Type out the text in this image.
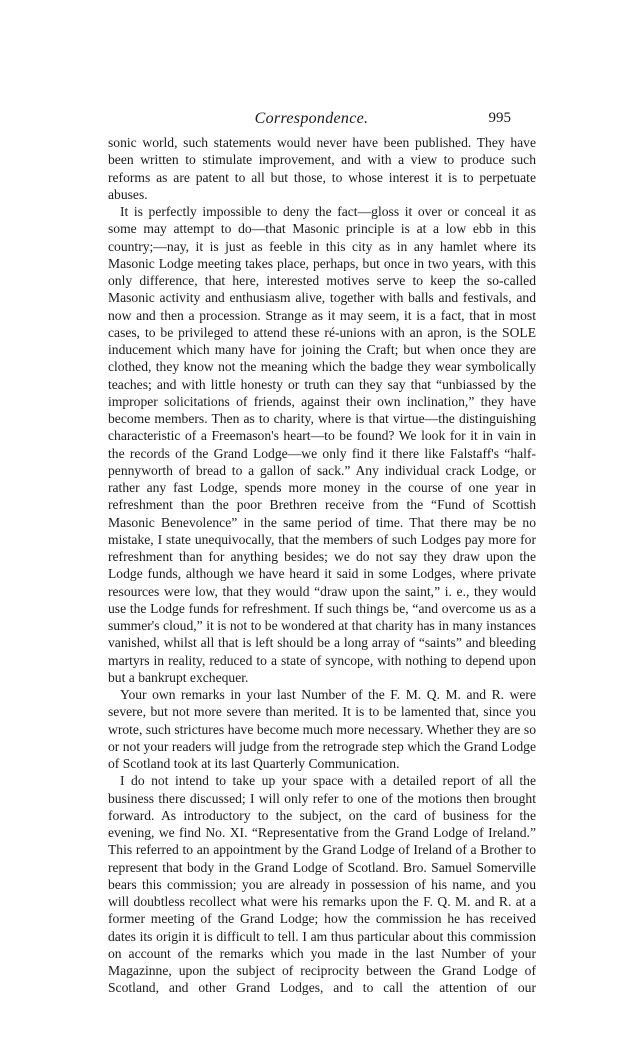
Correspondence.	995

sonic world, such statements would never have been published. They have been written to stimulate improvement, and with a view to produce such reforms as are patent to all but those, to whose interest it is to perpetuate abuses.

It is perfectly impossible to deny the fact—gloss it over or conceal it as some may attempt to do—that Masonic principle is at a low ebb in this country;—nay, it is just as feeble in this city as in any hamlet where its Masonic Lodge meeting takes place, perhaps, but once in two years, with this only difference, that here, interested motives serve to keep the so-called Masonic activity and enthusiasm alive, together with balls and festivals, and now and then a procession. Strange as it may seem, it is a fact, that in most cases, to be privileged to attend these ré-unions with an apron, is the SOLE inducement which many have for joining the Craft; but when once they are clothed, they know not the meaning which the badge they wear symbolically teaches; and with little honesty or truth can they say that “unbiassed by the improper solicitations of friends, against their own inclination,” they have become members. Then as to charity, where is that virtue—the distinguishing characteristic of a Freemason's heart—to be found? We look for it in vain in the records of the Grand Lodge—we only find it there like Falstaff's “half-pennyworth of bread to a gallon of sack.” Any individual crack Lodge, or rather any fast Lodge, spends more money in the course of one year in refreshment than the poor Brethren receive from the “Fund of Scottish Masonic Benevolence” in the same period of time. That there may be no mistake, I state unequivocally, that the members of such Lodges pay more for refreshment than for anything besides; we do not say they draw upon the Lodge funds, although we have heard it said in some Lodges, where private resources were low, that they would “draw upon the saint,” i. e., they would use the Lodge funds for refreshment. If such things be, “and overcome us as a summer's cloud,” it is not to be wondered at that charity has in many instances vanished, whilst all that is left should be a long array of “saints” and bleeding martyrs in reality, reduced to a state of syncope, with nothing to depend upon but a bankrupt exchequer.

Your own remarks in your last Number of the F. M. Q. M. and R. were severe, but not more severe than merited. It is to be lamented that, since you wrote, such strictures have become much more necessary. Whether they are so or not your readers will judge from the retrograde step which the Grand Lodge of Scotland took at its last Quarterly Communication.

I do not intend to take up your space with a detailed report of all the business there discussed; I will only refer to one of the motions then brought forward. As introductory to the subject, on the card of business for the evening, we find No. XI. “Representative from the Grand Lodge of Ireland.” This referred to an appointment by the Grand Lodge of Ireland of a Brother to represent that body in the Grand Lodge of Scotland. Bro. Samuel Somerville bears this commission; you are already in possession of his name, and you will doubtless recollect what were his remarks upon the F. Q. M. and R. at a former meeting of the Grand Lodge; how the commission he has received dates its origin it is difficult to tell. I am thus particular about this commission on account of the remarks which you made in the last Number of your Magazinne, upon the subject of reciprocity between the Grand Lodge of Scotland, and other Grand Lodges, and to call the attention of our
